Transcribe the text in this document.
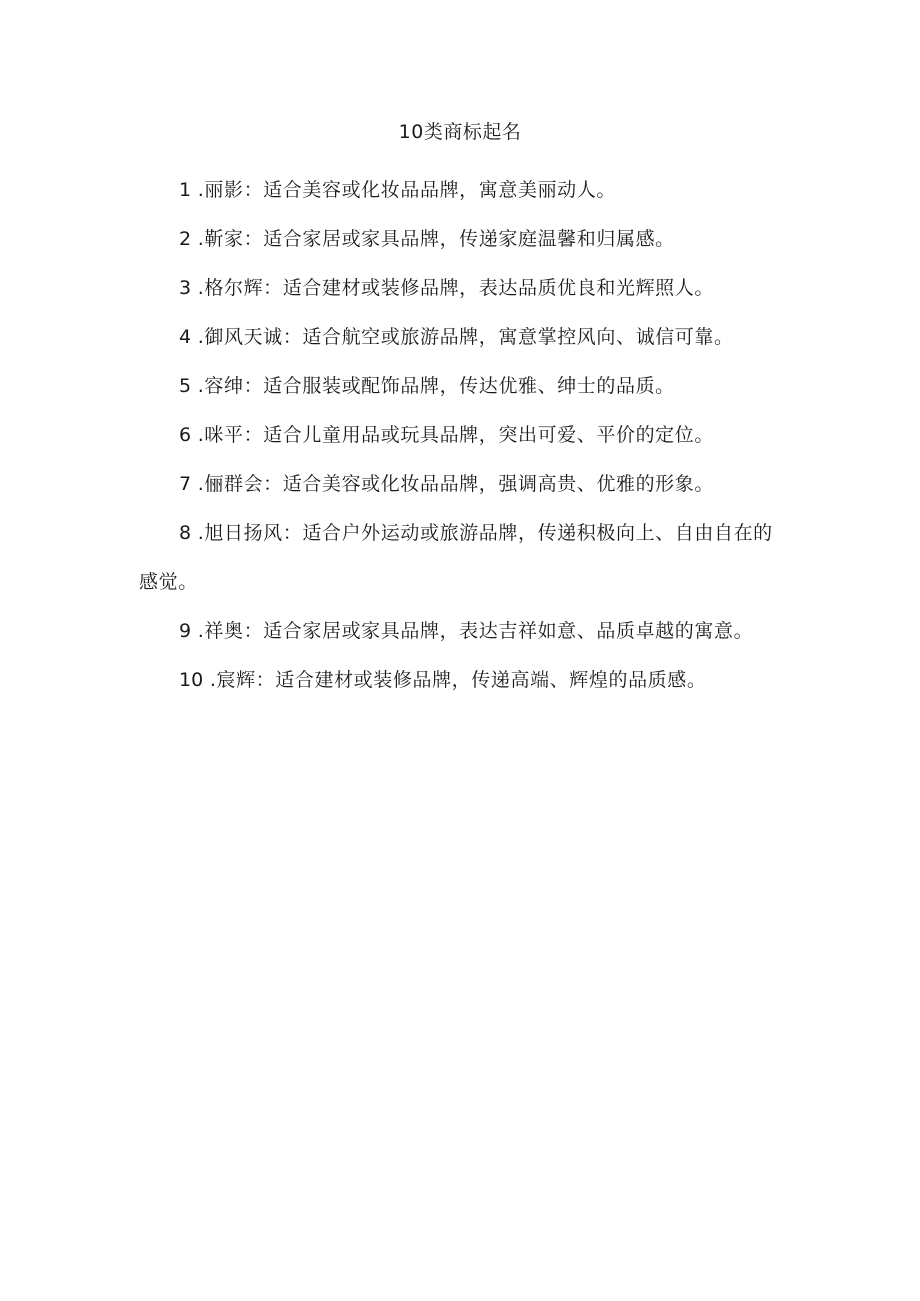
10类商标起名

1 .丽影：适合美容或化妆品品牌，寓意美丽动人。

2 .靳家：适合家居或家具品牌，传递家庭温馨和归属感。

3 .格尔辉：适合建材或装修品牌，表达品质优良和光辉照人。

4 .御风天诚：适合航空或旅游品牌，寓意掌控风向、诚信可靠。

5 .容绅：适合服装或配饰品牌，传达优雅、绅士的品质。

6 .咪平：适合儿童用品或玩具品牌，突出可爱、平价的定位。

7 .俪群会：适合美容或化妆品品牌，强调高贵、优雅的形象。

8 .旭日扬风：适合户外运动或旅游品牌，传递积极向上、自由自在的感觉。

9 .祥奥：适合家居或家具品牌，表达吉祥如意、品质卓越的寓意。

10 .宸辉：适合建材或装修品牌，传递高端、辉煌的品质感。
